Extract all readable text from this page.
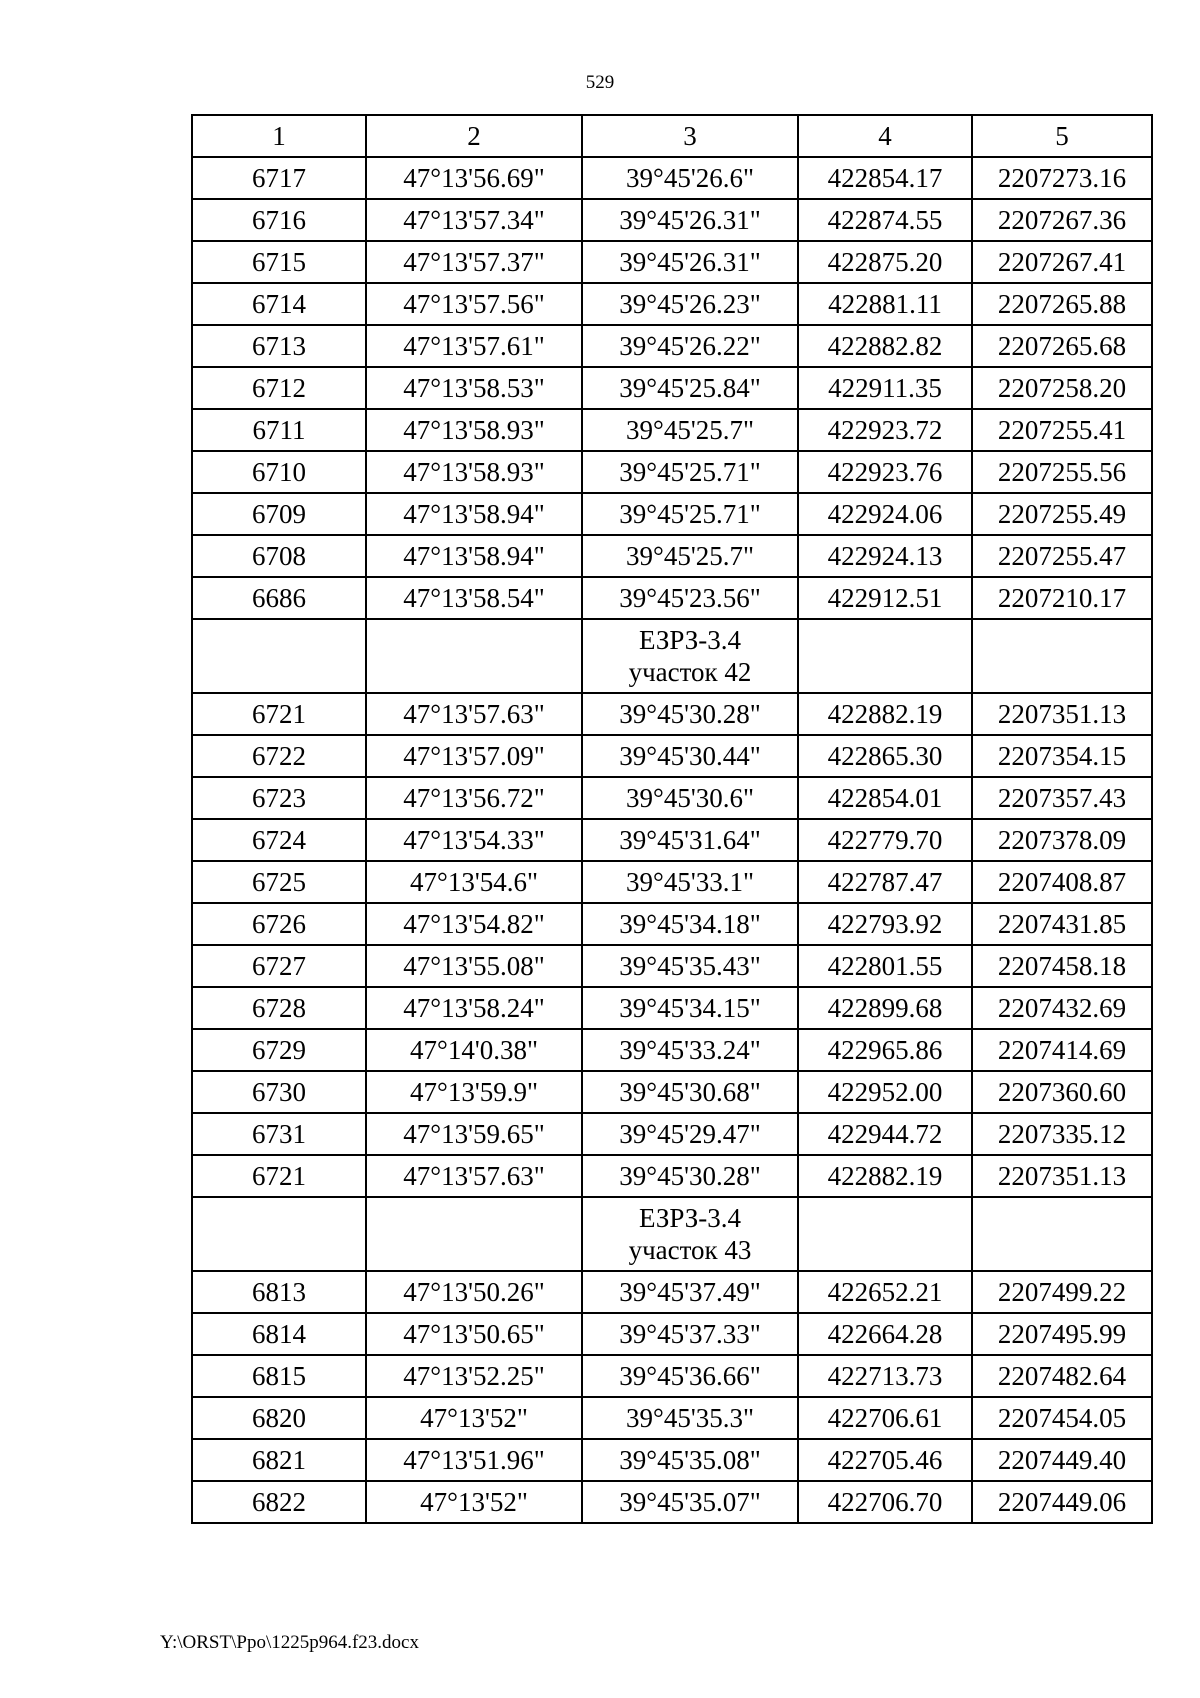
529
1	2	3	4	5
6717	47°13'56.69"	39°45'26.6"	422854.17	2207273.16
6716	47°13'57.34"	39°45'26.31"	422874.55	2207267.36
6715	47°13'57.37"	39°45'26.31"	422875.20	2207267.41
6714	47°13'57.56"	39°45'26.23"	422881.11	2207265.88
6713	47°13'57.61"	39°45'26.22"	422882.82	2207265.68
6712	47°13'58.53"	39°45'25.84"	422911.35	2207258.20
6711	47°13'58.93"	39°45'25.7"	422923.72	2207255.41
6710	47°13'58.93"	39°45'25.71"	422923.76	2207255.56
6709	47°13'58.94"	39°45'25.71"	422924.06	2207255.49
6708	47°13'58.94"	39°45'25.7"	422924.13	2207255.47
6686	47°13'58.54"	39°45'23.56"	422912.51	2207210.17

		ЕЗРЗ-3.4
участок 42		

6721	47°13'57.63"	39°45'30.28"	422882.19	2207351.13
6722	47°13'57.09"	39°45'30.44"	422865.30	2207354.15
6723	47°13'56.72"	39°45'30.6"	422854.01	2207357.43
6724	47°13'54.33"	39°45'31.64"	422779.70	2207378.09
6725	47°13'54.6"	39°45'33.1"	422787.47	2207408.87
6726	47°13'54.82"	39°45'34.18"	422793.92	2207431.85
6727	47°13'55.08"	39°45'35.43"	422801.55	2207458.18
6728	47°13'58.24"	39°45'34.15"	422899.68	2207432.69
6729	47°14'0.38"	39°45'33.24"	422965.86	2207414.69
6730	47°13'59.9"	39°45'30.68"	422952.00	2207360.60
6731	47°13'59.65"	39°45'29.47"	422944.72	2207335.12
6721	47°13'57.63"	39°45'30.28"	422882.19	2207351.13

		ЕЗРЗ-3.4
участок 43		

6813	47°13'50.26"	39°45'37.49"	422652.21	2207499.22
6814	47°13'50.65"	39°45'37.33"	422664.28	2207495.99
6815	47°13'52.25"	39°45'36.66"	422713.73	2207482.64
6820	47°13'52"	39°45'35.3"	422706.61	2207454.05
6821	47°13'51.96"	39°45'35.08"	422705.46	2207449.40
6822	47°13'52"	39°45'35.07"	422706.70	2207449.06
Y:\ORST\Ppo\1225p964.f23.docx
